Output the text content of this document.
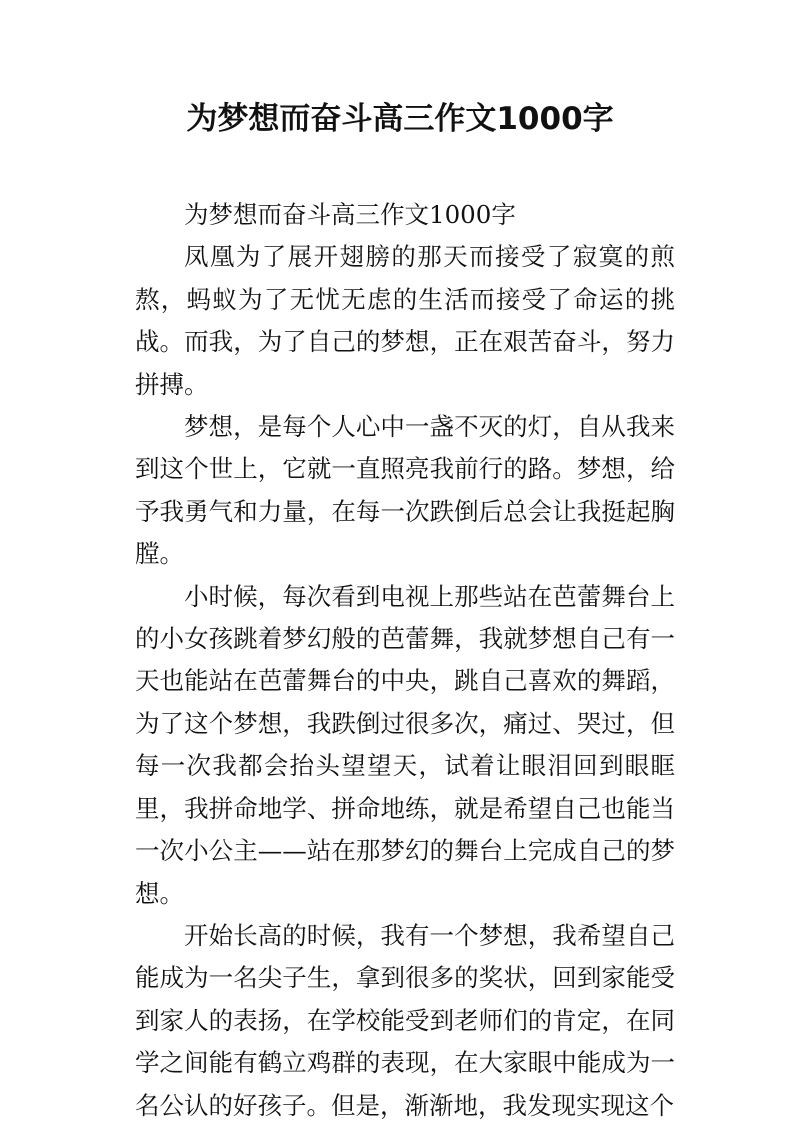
为梦想而奋斗高三作文1000字

为梦想而奋斗高三作文1000字

凤凰为了展开翅膀的那天而接受了寂寞的煎熬，蚂蚁为了无忧无虑的生活而接受了命运的挑战。而我，为了自己的梦想，正在艰苦奋斗，努力拼搏。

梦想，是每个人心中一盏不灭的灯，自从我来到这个世上，它就一直照亮我前行的路。梦想，给予我勇气和力量，在每一次跌倒后总会让我挺起胸膛。

小时候，每次看到电视上那些站在芭蕾舞台上的小女孩跳着梦幻般的芭蕾舞，我就梦想自己有一天也能站在芭蕾舞台的中央，跳自己喜欢的舞蹈，为了这个梦想，我跌倒过很多次，痛过、哭过，但每一次我都会抬头望望天，试着让眼泪回到眼眶里，我拼命地学、拼命地练，就是希望自己也能当一次小公主——站在那梦幻的舞台上完成自己的梦想。

开始长高的时候，我有一个梦想，我希望自己能成为一名尖子生，拿到很多的奖状，回到家能受到家人的表扬，在学校能受到老师们的肯定，在同学之间能有鹤立鸡群的表现，在大家眼中能成为一名公认的好孩子。但是，渐渐地，我发现实现这个
